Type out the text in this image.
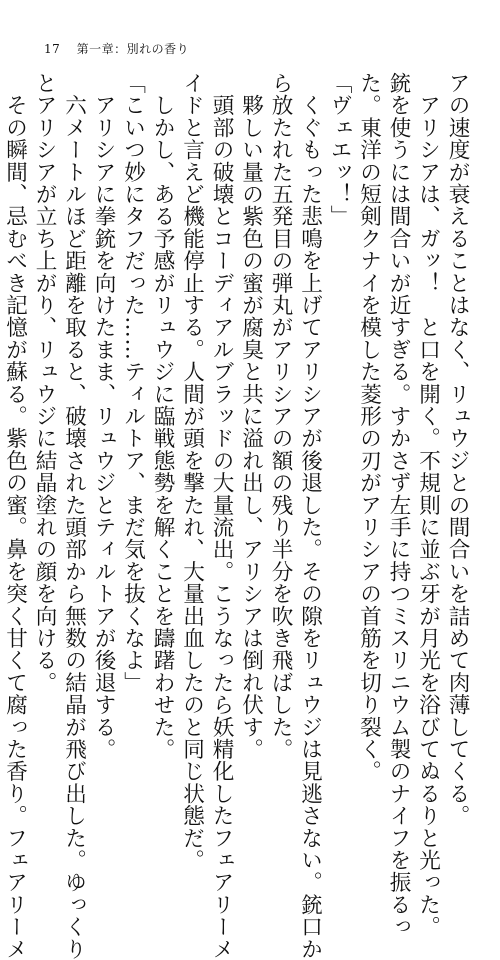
17 第一章：別れの香り
アの速度が衰えることはなく、リュウジとの間合いを詰めて肉薄してくる。
　アリシアは、ガッ！　と口を開く。不規則に並ぶ牙が月光を浴びてぬるりと光った。
銃を使うには間合いが近すぎる。すかさず左手に持つミスリニウム製のナイフを振るっ
た。東洋の短剣クナイを模した菱形の刃がアリシアの首筋を切り裂く。
「ヴェエッ！」
　くぐもった悲鳴を上げてアリシアが後退した。その隙をリュウジは見逃さない。銃口か
ら放たれた五発目の弾丸がアリシアの額の残り半分を吹き飛ばした。
　夥しい量の紫色の蜜が腐臭と共に溢れ出し、アリシアは倒れ伏す。
　頭部の破壊とコーディアルブラッドの大量流出。こうなったら妖精化したフェアリーメ
イドと言えど機能停止する。人間が頭を撃たれ、大量出血したのと同じ状態だ。
　しかし、ある予感がリュウジに臨戦態勢を解くことを躊躇わせた。
「こいつ妙にタフだった……ティルトア、まだ気を抜くなよ」
　アリシアに拳銃を向けたまま、リュウジとティルトアが後退する。
　六メートルほど距離を取ると、破壊された頭部から無数の結晶が飛び出した。ゆっくり
とアリシアが立ち上がり、リュウジに結晶塗れの顔を向ける。
　その瞬間、忌むべき記憶が蘇る。紫色の蜜。鼻を突く甘くて腐った香り。フェアリーメ
